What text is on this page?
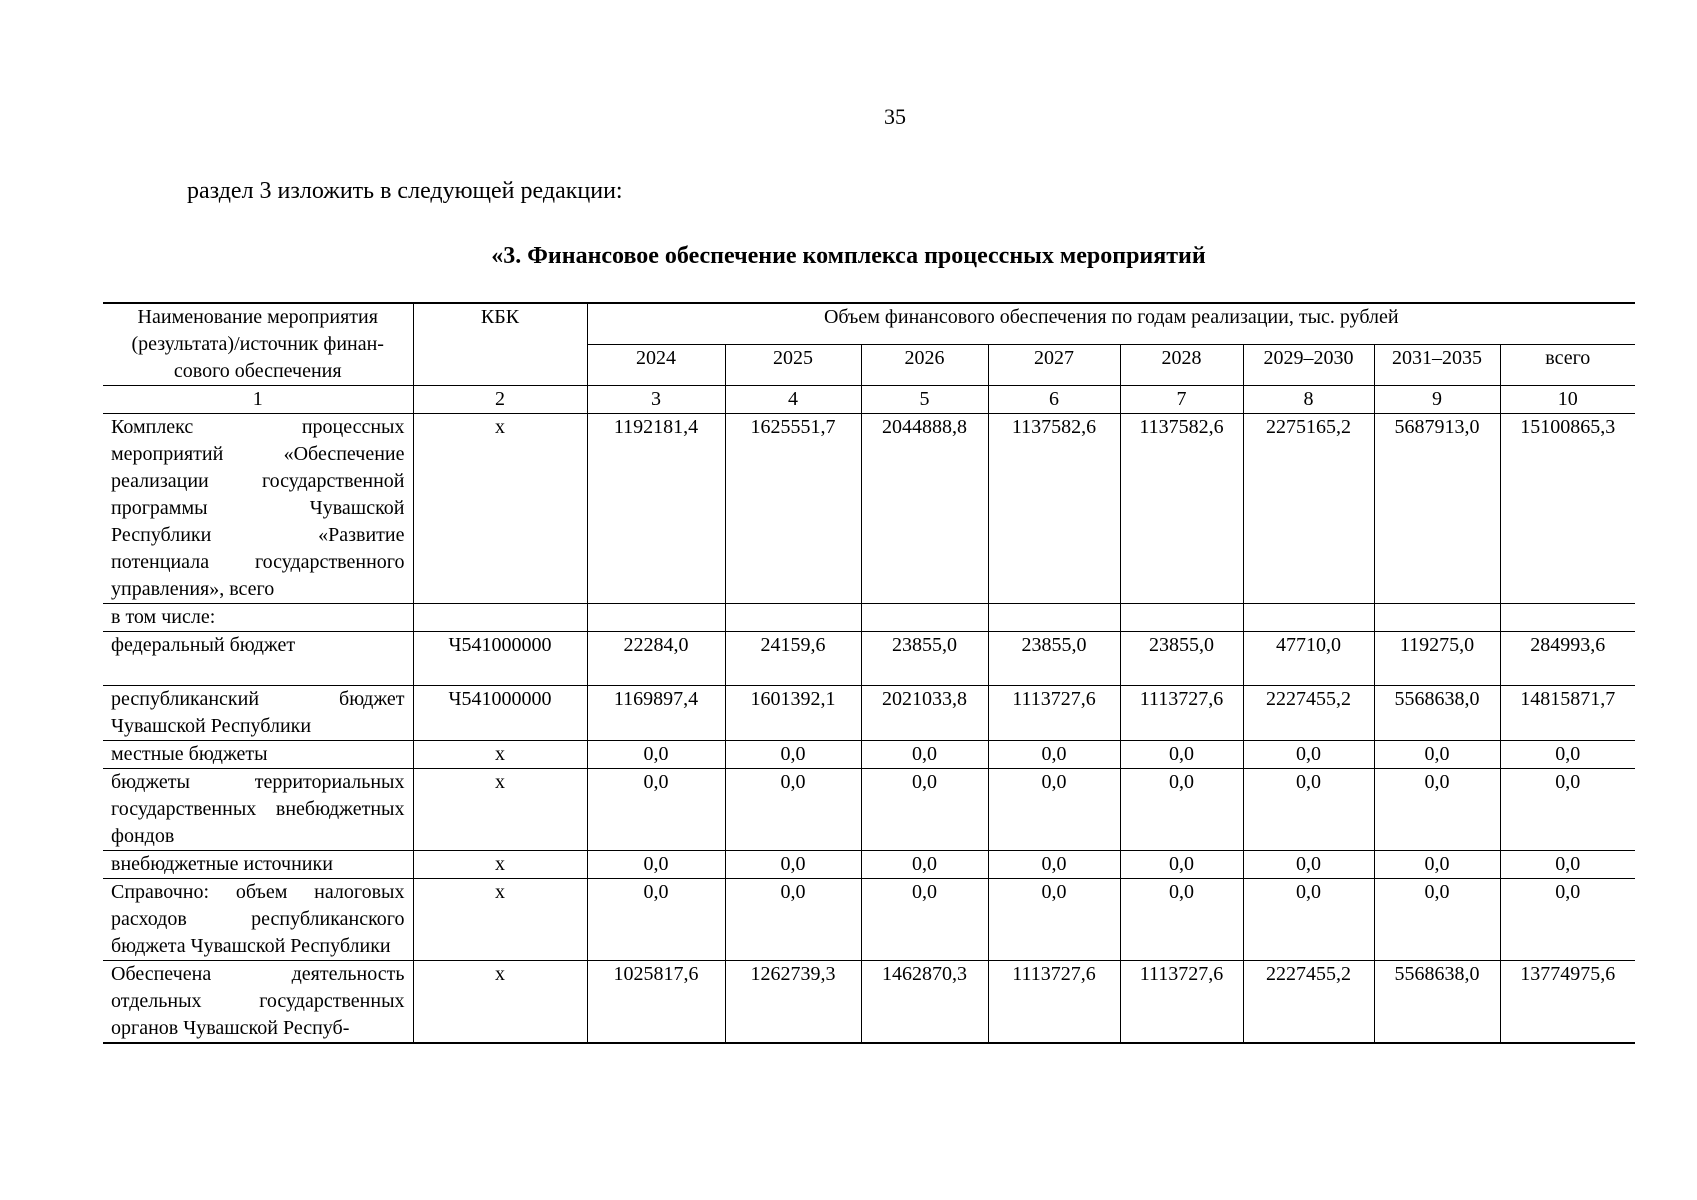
35
раздел 3 изложить в следующей редакции:
«3. Финансовое обеспечение комплекса процессных мероприятий
Наименование мероприятия (результата)/источник финан-сового обеспечения	КБК	Объем финансового обеспечения по годам реализации, тыс. рублей							
		2024	2025	2026	2027	2028	2029–2030	2031–2035	всего
1	2	3	4	5	6	7	8	9	10
Комплекс процессных мероприятий «Обеспечение реализации государственной программы Чувашской Республики «Развитие потенциала государственного управления», всего	х	1192181,4	1625551,7	2044888,8	1137582,6	1137582,6	2275165,2	5687913,0	15100865,3
в том числе:									
федеральный бюджет	Ч541000000	22284,0	24159,6	23855,0	23855,0	23855,0	47710,0	119275,0	284993,6
республиканский бюджет Чувашской Республики	Ч541000000	1169897,4	1601392,1	2021033,8	1113727,6	1113727,6	2227455,2	5568638,0	14815871,7
местные бюджеты	х	0,0	0,0	0,0	0,0	0,0	0,0	0,0	0,0
бюджеты территориальных государственных внебюджетных фондов	х	0,0	0,0	0,0	0,0	0,0	0,0	0,0	0,0
внебюджетные источники	х	0,0	0,0	0,0	0,0	0,0	0,0	0,0	0,0
Справочно: объем налоговых расходов республиканского бюджета Чувашской Республики	х	0,0	0,0	0,0	0,0	0,0	0,0	0,0	0,0
Обеспечена деятельность отдельных государственных органов Чувашской Респуб-	х	1025817,6	1262739,3	1462870,3	1113727,6	1113727,6	2227455,2	5568638,0	13774975,6
